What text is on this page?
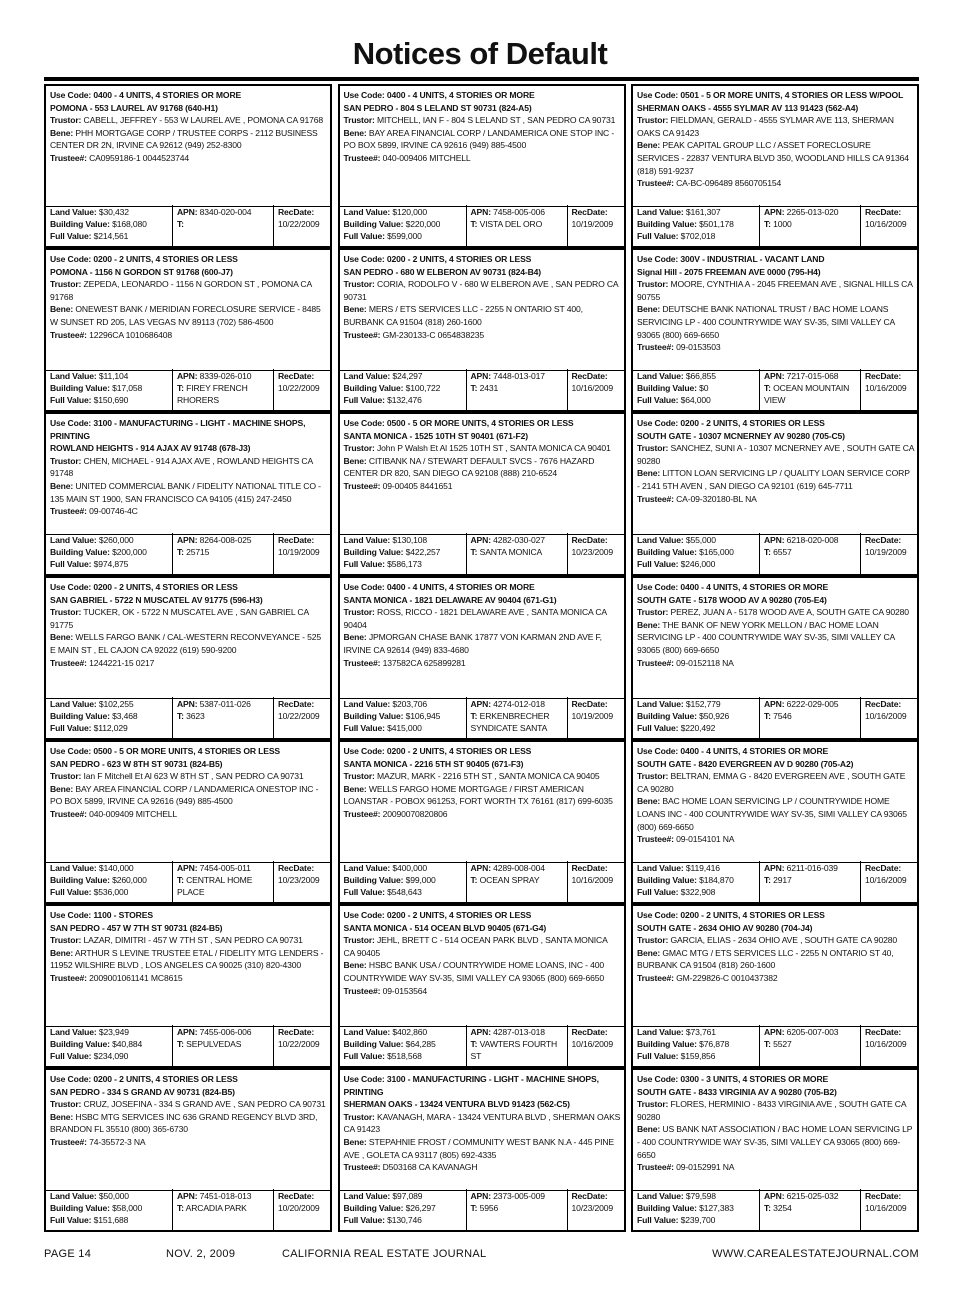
Notices of Default
Use Code: 0400 - 4 UNITS, 4 STORIES OR MORE
POMONA - 553 LAUREL AV 91768 (640-H1)
Trustor: CABELL, JEFFREY - 553 W LAUREL AVE , POMONA CA 91768
Bene: PHH MORTGAGE CORP / TRUSTEE CORPS - 2112 BUSINESS CENTER DR 2N, IRVINE CA 92612 (949) 252-8300
Trustee#: CA0959186-1 0044523744
Land Value: $30,432
Building Value: $168,080
Full Value: $214,561
APN: 8340-020-004
T:
RecDate:
10/22/2009
Use Code: 0400 - 4 UNITS, 4 STORIES OR MORE
SAN PEDRO - 804 S LELAND ST 90731 (824-A5)
Trustor: MITCHELL, IAN F - 804 S LELAND ST , SAN PEDRO CA 90731
Bene: BAY AREA FINANCIAL CORP / LANDAMERICA ONE STOP INC - PO BOX 5899, IRVINE CA 92616 (949) 885-4500
Trustee#: 040-009406 MITCHELL
Land Value: $120,000
Building Value: $220,000
Full Value: $599,000
APN: 7458-005-006
T: VISTA DEL ORO
RecDate:
10/19/2009
Use Code: 0501 - 5 OR MORE UNITS, 4 STORIES OR LESS W/POOL
SHERMAN OAKS - 4555 SYLMAR AV 113 91423 (562-A4)
Trustor: FIELDMAN, GERALD - 4555 SYLMAR AVE 113, SHERMAN OAKS CA 91423
Bene: PEAK CAPITAL GROUP LLC / ASSET FORECLOSURE SERVICES - 22837 VENTURA BLVD 350, WOODLAND HILLS CA 91364 (818) 591-9237
Trustee#: CA-BC-096489 8560705154
Land Value: $161,307
Building Value: $501,178
Full Value: $702,018
APN: 2265-013-020
T: 1000
RecDate:
10/16/2009
Use Code: 0200 - 2 UNITS, 4 STORIES OR LESS
POMONA - 1156 N GORDON ST 91768 (600-J7)
Trustor: ZEPEDA, LEONARDO - 1156 N GORDON ST , POMONA CA 91768
Bene: ONEWEST BANK / MERIDIAN FORECLOSURE SERVICE - 8485 W SUNSET RD 205, LAS VEGAS NV 89113 (702) 586-4500
Trustee#: 12296CA 1010686408
Land Value: $11,104
Building Value: $17,058
Full Value: $150,690
APN: 8339-026-010
T: FIREY FRENCH RHORERS
RecDate:
10/22/2009
Use Code: 0200 - 2 UNITS, 4 STORIES OR LESS
SAN PEDRO - 680 W ELBERON AV 90731 (824-B4)
Trustor: CORIA, RODOLFO V - 680 W ELBERON AVE , SAN PEDRO CA 90731
Bene: MERS / ETS SERVICES LLC - 2255 N ONTARIO ST 400, BURBANK CA 91504 (818) 260-1600
Trustee#: GM-230133-C 0654838235
Land Value: $24,297
Building Value: $100,722
Full Value: $132,476
APN: 7448-013-017
T: 2431
RecDate:
10/16/2009
Use Code: 300V - INDUSTRIAL - VACANT LAND
Signal Hill - 2075 FREEMAN AVE 0000 (795-H4)
Trustor: MOORE, CYNTHIA A - 2045 FREEMAN AVE , SIGNAL HILLS CA 90755
Bene: DEUTSCHE BANK NATIONAL TRUST / BAC HOME LOANS SERVICING LP - 400 COUNTRYWIDE WAY SV-35, SIMI VALLEY CA 93065 (800) 669-6650
Trustee#: 09-0153503
Land Value: $66,855
Building Value: $0
Full Value: $64,000
APN: 7217-015-068
T: OCEAN MOUNTAIN VIEW
RecDate:
10/16/2009
Use Code: 3100 - MANUFACTURING - LIGHT - MACHINE SHOPS, PRINTING
ROWLAND HEIGHTS - 914 AJAX AV 91748 (678-J3)
Trustor: CHEN, MICHAEL - 914 AJAX AVE , ROWLAND HEIGHTS CA 91748
Bene: UNITED COMMERCIAL BANK / FIDELITY NATIONAL TITLE CO - 135 MAIN ST 1900, SAN FRANCISCO CA 94105 (415) 247-2450
Trustee#: 09-00746-4C
Land Value: $260,000
Building Value: $200,000
Full Value: $974,875
APN: 8264-008-025
T: 25715
RecDate:
10/19/2009
Use Code: 0500 - 5 OR MORE UNITS, 4 STORIES OR LESS
SANTA MONICA - 1525 10TH ST 90401 (671-F2)
Trustor: John P Walsh Et Al 1525 10TH ST , SANTA MONICA CA 90401
Bene: CITIBANK NA / STEWART DEFAULT SVCS - 7676 HAZARD CENTER DR 820, SAN DIEGO CA 92108 (888) 210-6524
Trustee#: 09-00405 8441651
Land Value: $130,108
Building Value: $422,257
Full Value: $586,173
APN: 4282-030-027
T: SANTA MONICA
RecDate:
10/23/2009
Use Code: 0200 - 2 UNITS, 4 STORIES OR LESS
SOUTH GATE - 10307 MCNERNEY AV 90280 (705-C5)
Trustor: SANCHEZ, SUNI A - 10307 MCNERNEY AVE , SOUTH GATE CA 90280
Bene: LITTON LOAN SERVICING LP / QUALITY LOAN SERVICE CORP - 2141 5TH AVEN , SAN DIEGO CA 92101 (619) 645-7711
Trustee#: CA-09-320180-BL NA
Land Value: $55,000
Building Value: $165,000
Full Value: $246,000
APN: 6218-020-008
T: 6557
RecDate:
10/19/2009
Use Code: 0200 - 2 UNITS, 4 STORIES OR LESS
SAN GABRIEL - 5722 N MUSCATEL AV 91775 (596-H3)
Trustor: TUCKER, OK - 5722 N MUSCATEL AVE , SAN GABRIEL CA 91775
Bene: WELLS FARGO BANK / CAL-WESTERN RECONVEYANCE - 525 E MAIN ST , EL CAJON CA 92022 (619) 590-9200
Trustee#: 1244221-15 0217
Land Value: $102,255
Building Value: $3,468
Full Value: $112,029
APN: 5387-011-026
T: 3623
RecDate:
10/22/2009
Use Code: 0400 - 4 UNITS, 4 STORIES OR MORE
SANTA MONICA - 1821 DELAWARE AV 90404 (671-G1)
Trustor: ROSS, RICCO - 1821 DELAWARE AVE , SANTA MONICA CA 90404
Bene: JPMORGAN CHASE BANK 17877 VON KARMAN 2ND AVE F, IRVINE CA 92614 (949) 833-4680
Trustee#: 137582CA 625899281
Land Value: $203,706
Building Value: $106,945
Full Value: $415,000
APN: 4274-012-018
T: ERKENBRECHER SYNDICATE SANTA
RecDate:
10/19/2009
Use Code: 0400 - 4 UNITS, 4 STORIES OR MORE
SOUTH GATE - 5178 WOOD AV A 90280 (705-E4)
Trustor: PEREZ, JUAN A - 5178 WOOD AVE A, SOUTH GATE CA 90280
Bene: THE BANK OF NEW YORK MELLON / BAC HOME LOAN SERVICING LP - 400 COUNTRYWIDE WAY SV-35, SIMI VALLEY CA 93065 (800) 669-6650
Trustee#: 09-0152118 NA
Land Value: $152,779
Building Value: $50,926
Full Value: $220,492
APN: 6222-029-005
T: 7546
RecDate:
10/16/2009
Use Code: 0500 - 5 OR MORE UNITS, 4 STORIES OR LESS
SAN PEDRO - 623 W 8TH ST 90731 (824-B5)
Trustor: Ian F Mitchell Et Al 623 W 8TH ST , SAN PEDRO CA 90731
Bene: BAY AREA FINANCIAL CORP / LANDAMERICA ONESTOP INC - PO BOX 5899, IRVINE CA 92616 (949) 885-4500
Trustee#: 040-009409 MITCHELL
Land Value: $140,000
Building Value: $260,000
Full Value: $536,000
APN: 7454-005-011
T: CENTRAL HOME PLACE
RecDate:
10/23/2009
Use Code: 0200 - 2 UNITS, 4 STORIES OR LESS
SANTA MONICA - 2216 5TH ST 90405 (671-F3)
Trustor: MAZUR, MARK - 2216 5TH ST , SANTA MONICA CA 90405
Bene: WELLS FARGO HOME MORTGAGE / FIRST AMERICAN LOANSTAR - POBOX 961253, FORT WORTH TX 76161 (817) 699-6035
Trustee#: 20090070820806
Land Value: $400,000
Building Value: $99,000
Full Value: $548,643
APN: 4289-008-004
T: OCEAN SPRAY
RecDate:
10/16/2009
Use Code: 0400 - 4 UNITS, 4 STORIES OR MORE
SOUTH GATE - 8420 EVERGREEN AV D 90280 (705-A2)
Trustor: BELTRAN, EMMA G - 8420 EVERGREEN AVE , SOUTH GATE CA 90280
Bene: BAC HOME LOAN SERVICING LP / COUNTRYWIDE HOME LOANS INC - 400 COUNTRYWIDE WAY SV-35, SIMI VALLEY CA 93065 (800) 669-6650
Trustee#: 09-0154101 NA
Land Value: $119,416
Building Value: $184,870
Full Value: $322,908
APN: 6211-016-039
T: 2917
RecDate:
10/16/2009
Use Code: 1100 - STORES
SAN PEDRO - 457 W 7TH ST 90731 (824-B5)
Trustor: LAZAR, DIMITRI - 457 W 7TH ST , SAN PEDRO CA 90731
Bene: ARTHUR S LEVINE TRUSTEE ETAL / FIDELITY MTG LENDERS - 11952 WILSHIRE BLVD , LOS ANGELES CA 90025 (310) 820-4300
Trustee#: 2009001061141 MC8615
Land Value: $23,949
Building Value: $40,884
Full Value: $234,090
APN: 7455-006-006
T: SEPULVEDAS
RecDate:
10/22/2009
Use Code: 0200 - 2 UNITS, 4 STORIES OR LESS
SANTA MONICA - 514 OCEAN BLVD 90405 (671-G4)
Trustor: JEHL, BRETT C - 514 OCEAN PARK BLVD , SANTA MONICA CA 90405
Bene: HSBC BANK USA / COUNTRYWIDE HOME LOANS, INC - 400 COUNTRYWIDE WAY SV-35, SIMI VALLEY CA 93065 (800) 669-6650
Trustee#: 09-0153564
Land Value: $402,860
Building Value: $64,285
Full Value: $518,568
APN: 4287-013-018
T: VAWTERS FOURTH ST
RecDate:
10/16/2009
Use Code: 0200 - 2 UNITS, 4 STORIES OR LESS
SOUTH GATE - 2634 OHIO AV 90280 (704-J4)
Trustor: GARCIA, ELIAS - 2634 OHIO AVE , SOUTH GATE CA 90280
Bene: GMAC MTG / ETS SERVICES LLC - 2255 N ONTARIO ST 40, BURBANK CA 91504 (818) 260-1600
Trustee#: GM-229826-C 0010437382
Land Value: $73,761
Building Value: $76,878
Full Value: $159,856
APN: 6205-007-003
T: 5527
RecDate:
10/16/2009
Use Code: 0200 - 2 UNITS, 4 STORIES OR LESS
SAN PEDRO - 334 S GRAND AV 90731 (824-B5)
Trustor: CRUZ, JOSEFINA - 334 S GRAND AVE , SAN PEDRO CA 90731
Bene: HSBC MTG SERVICES INC 636 GRAND REGENCY BLVD 3RD, BRANDON FL 35510 (800) 365-6730
Trustee#: 74-35572-3 NA
Land Value: $50,000
Building Value: $58,000
Full Value: $151,688
APN: 7451-018-013
T: ARCADIA PARK
RecDate:
10/20/2009
Use Code: 3100 - MANUFACTURING - LIGHT - MACHINE SHOPS, PRINTING
SHERMAN OAKS - 13424 VENTURA BLVD 91423 (562-C5)
Trustor: KAVANAGH, MARA - 13424 VENTURA BLVD , SHERMAN OAKS CA 91423
Bene: STEPAHNIE FROST / COMMUNITY WEST BANK N.A - 445 PINE AVE , GOLETA CA 93117 (805) 692-4335
Trustee#: D503168 CA KAVANAGH
Land Value: $97,089
Building Value: $26,297
Full Value: $130,746
APN: 2373-005-009
T: 5956
RecDate:
10/23/2009
Use Code: 0300 - 3 UNITS, 4 STORIES OR MORE
SOUTH GATE - 8433 VIRGINIA AV A 90280 (705-B2)
Trustor: FLORES, HERMINIO - 8433 VIRGINIA AVE , SOUTH GATE CA 90280
Bene: US BANK NAT ASSOCIATION / BAC HOME LOAN SERVICING LP - 400 COUNTRYWIDE WAY SV-35, SIMI VALLEY CA 93065 (800) 669-6650
Trustee#: 09-0152991 NA
Land Value: $79,598
Building Value: $127,383
Full Value: $239,700
APN: 6215-025-032
T: 3254
RecDate:
10/16/2009
PAGE 14	NOV. 2, 2009	CALIFORNIA REAL ESTATE JOURNAL	WWW.CAREALESTATEJOURNAL.COM
